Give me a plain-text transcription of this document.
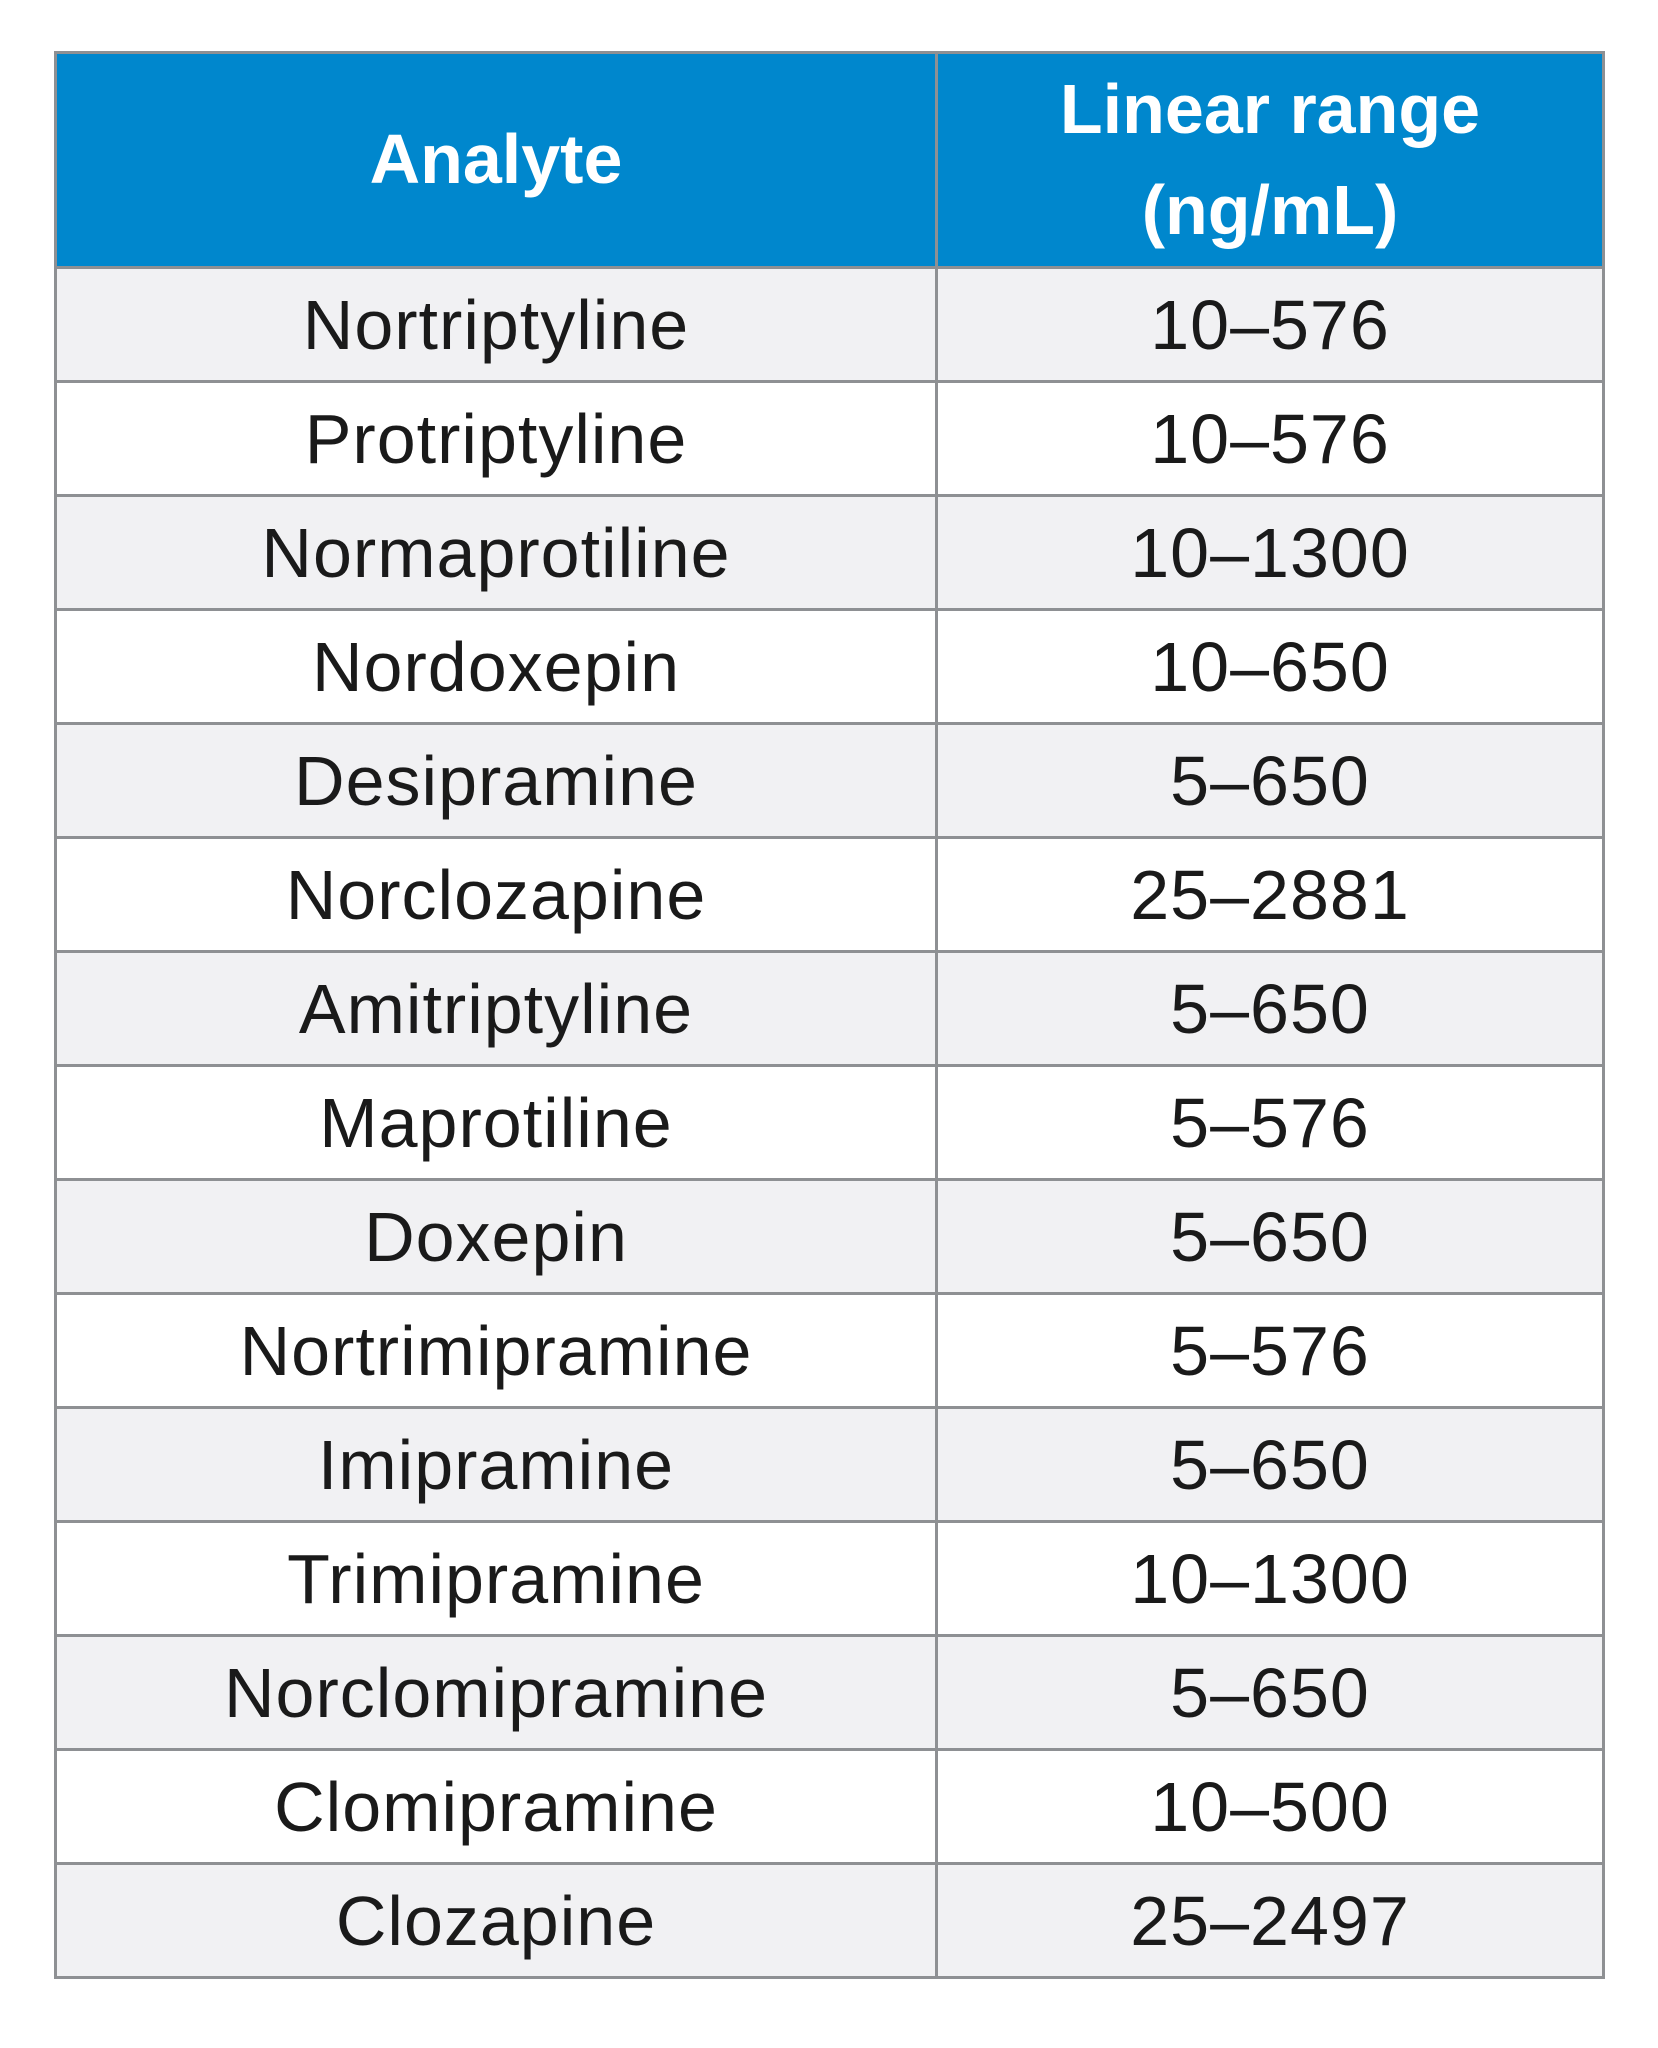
Analyte	Linear range
(ng/mL)

Nortriptyline	10–576
Protriptyline	10–576
Normaprotiline	10–1300
Nordoxepin	10–650
Desipramine	5–650
Norclozapine	25–2881
Amitriptyline	5–650
Maprotiline	5–576
Doxepin	5–650
Nortrimipramine	5–576
Imipramine	5–650
Trimipramine	10–1300
Norclomipramine	5–650
Clomipramine	10–500
Clozapine	25–2497
